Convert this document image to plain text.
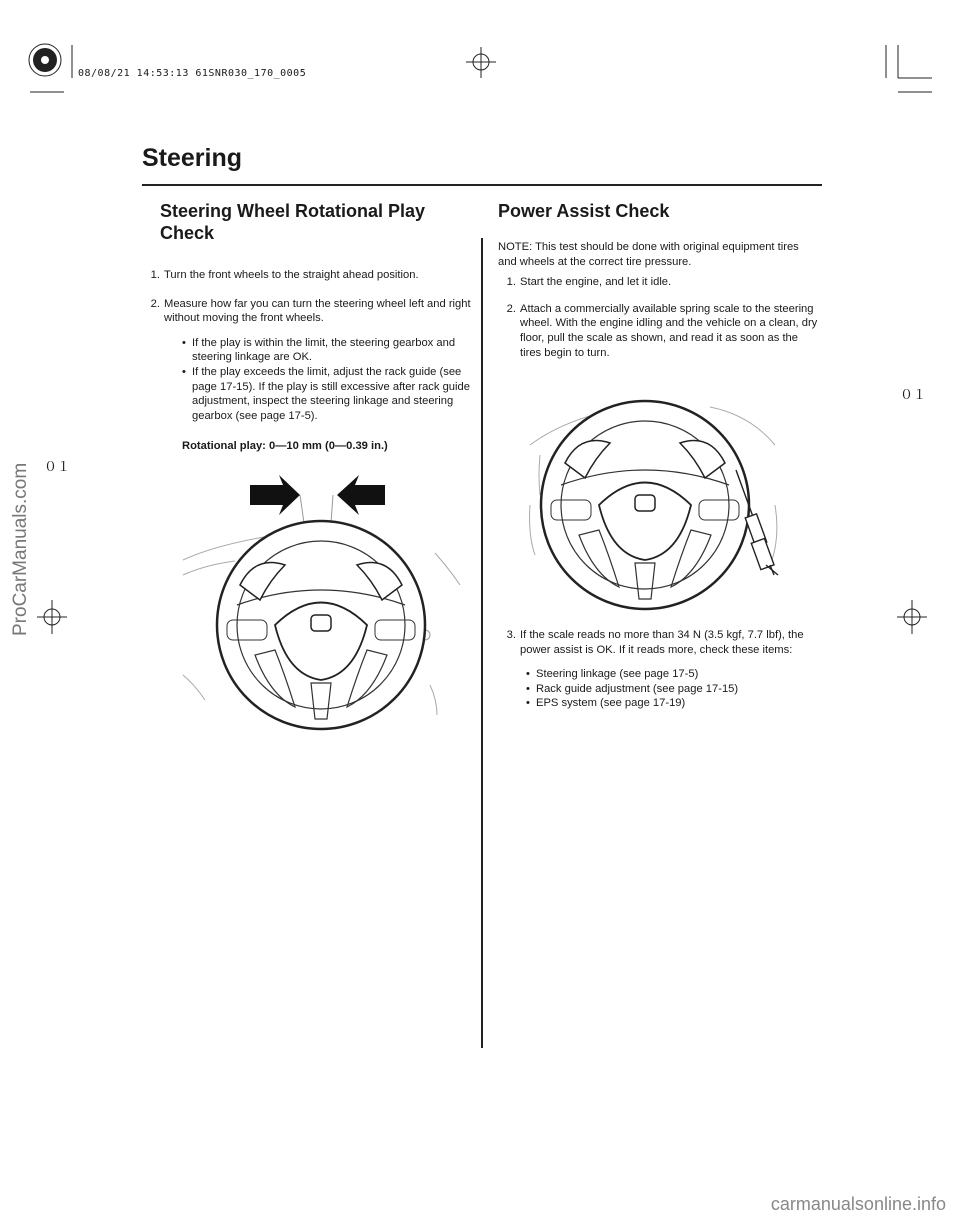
08/08/21 14:53:13 61SNR030_170_0005
Steering
０１
０１
ProCarManuals.com
carmanualsonline.info
Steering Wheel Rotational Play
Check
1. Turn the front wheels to the straight ahead position.
2. Measure how far you can turn the steering wheel left and right without moving the front wheels.
• If the play is within the limit, the steering gearbox and steering linkage are OK.
• If the play exceeds the limit, adjust the rack guide (see page 17-15). If the play is still excessive after rack guide adjustment, inspect the steering linkage and steering gearbox (see page 17-5).
Rotational play: 0—10 mm (0—0.39 in.)
Power Assist Check
NOTE: This test should be done with original equipment tires and wheels at the correct tire pressure.
1. Start the engine, and let it idle.
2. Attach a commercially available spring scale to the steering wheel. With the engine idling and the vehicle on a clean, dry floor, pull the scale as shown, and read it as soon as the tires begin to turn.
3. If the scale reads no more than 34 N (3.5 kgf, 7.7 lbf), the power assist is OK. If it reads more, check these items:
• Steering linkage (see page 17-5)
• Rack guide adjustment (see page 17-15)
• EPS system (see page 17-19)
